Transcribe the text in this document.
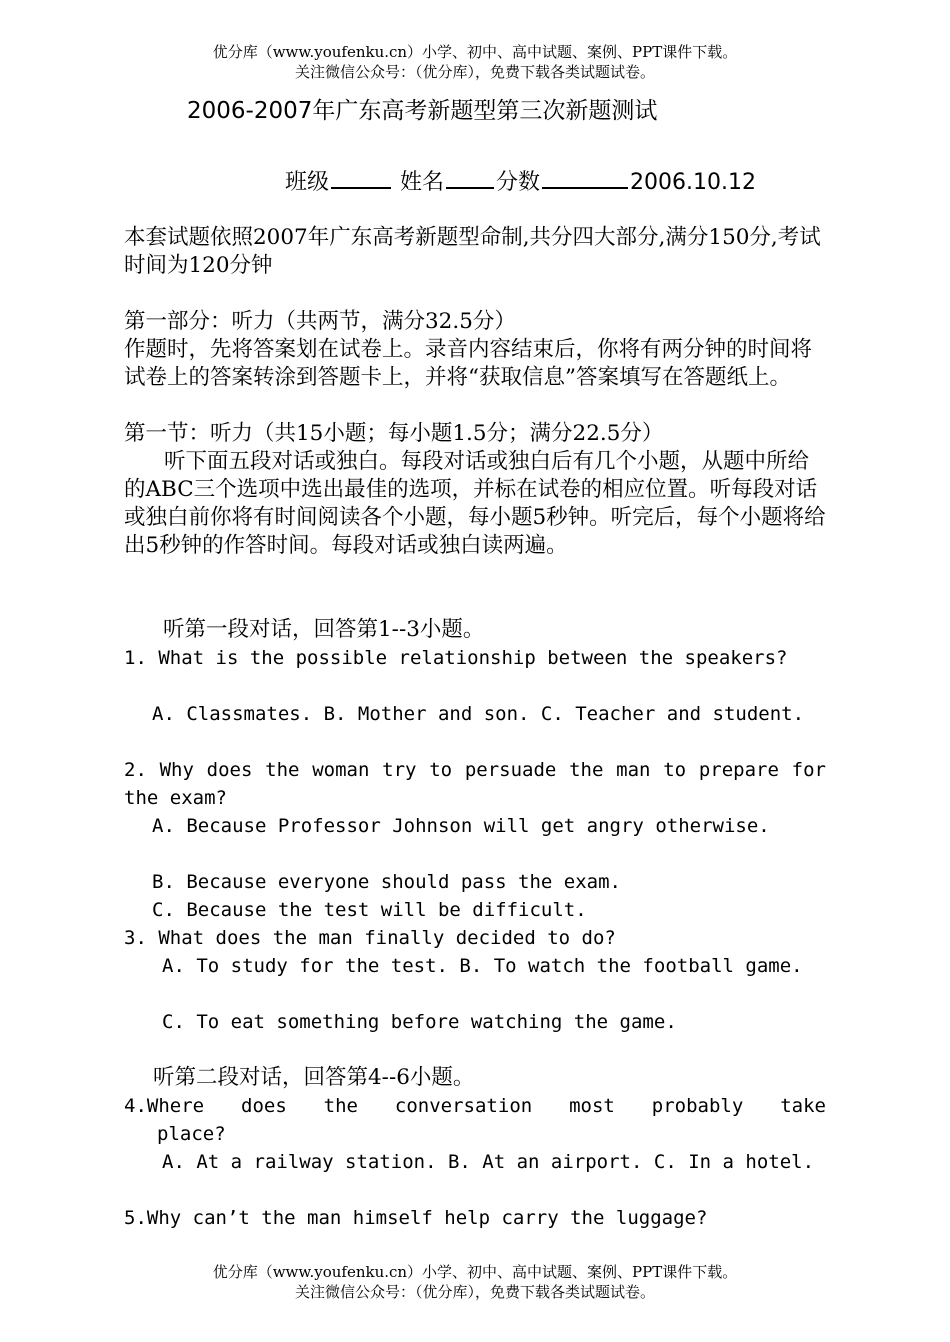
优分库（www.youfenku.cn）小学、初中、高中试题、案例、PPT课件下载。
关注微信公众号：（优分库），免费下载各类试题试卷。
2006-2007年广东高考新题型第三次新题测试
班级	姓名 分数	2006.10.12
本套试题依照2007年广东高考新题型命制,共分四大部分,满分150分,考试时间为120分钟
第一部分：听力（共两节，满分32.5分）
作题时，先将答案划在试卷上。录音内容结束后，你将有两分钟的时间将试卷上的答案转涂到答题卡上，并将“获取信息”答案填写在答题纸上。
第一节：听力（共15小题；每小题1.5分；满分22.5分）
听下面五段对话或独白。每段对话或独白后有几个小题，从题中所给的ABC三个选项中选出最佳的选项，并标在试卷的相应位置。听每段对话或独白前你将有时间阅读各个小题，每小题5秒钟。听完后，每个小题将给出5秒钟的作答时间。每段对话或独白读两遍。
听第一段对话，回答第1--3小题。
1. What is the possible relationship between the speakers?
A. Classmates. B. Mother and son. C. Teacher and student.
2. Why does the woman try to persuade the man to prepare for the exam?
A. Because Professor Johnson will get angry otherwise.
B. Because everyone should pass the exam.
C. Because the test will be difficult.
3. What does the man finally decided to do?
A. To study for the test. B. To watch the football game.
C. To eat something before watching the game.
听第二段对话，回答第4--6小题。
4.Where does the conversation most probably take
place?
A. At a railway station. B. At an airport. C. In a hotel.
5.Why can’t the man himself help carry the luggage?
优分库（www.youfenku.cn）小学、初中、高中试题、案例、PPT课件下载。
关注微信公众号：（优分库），免费下载各类试题试卷。
